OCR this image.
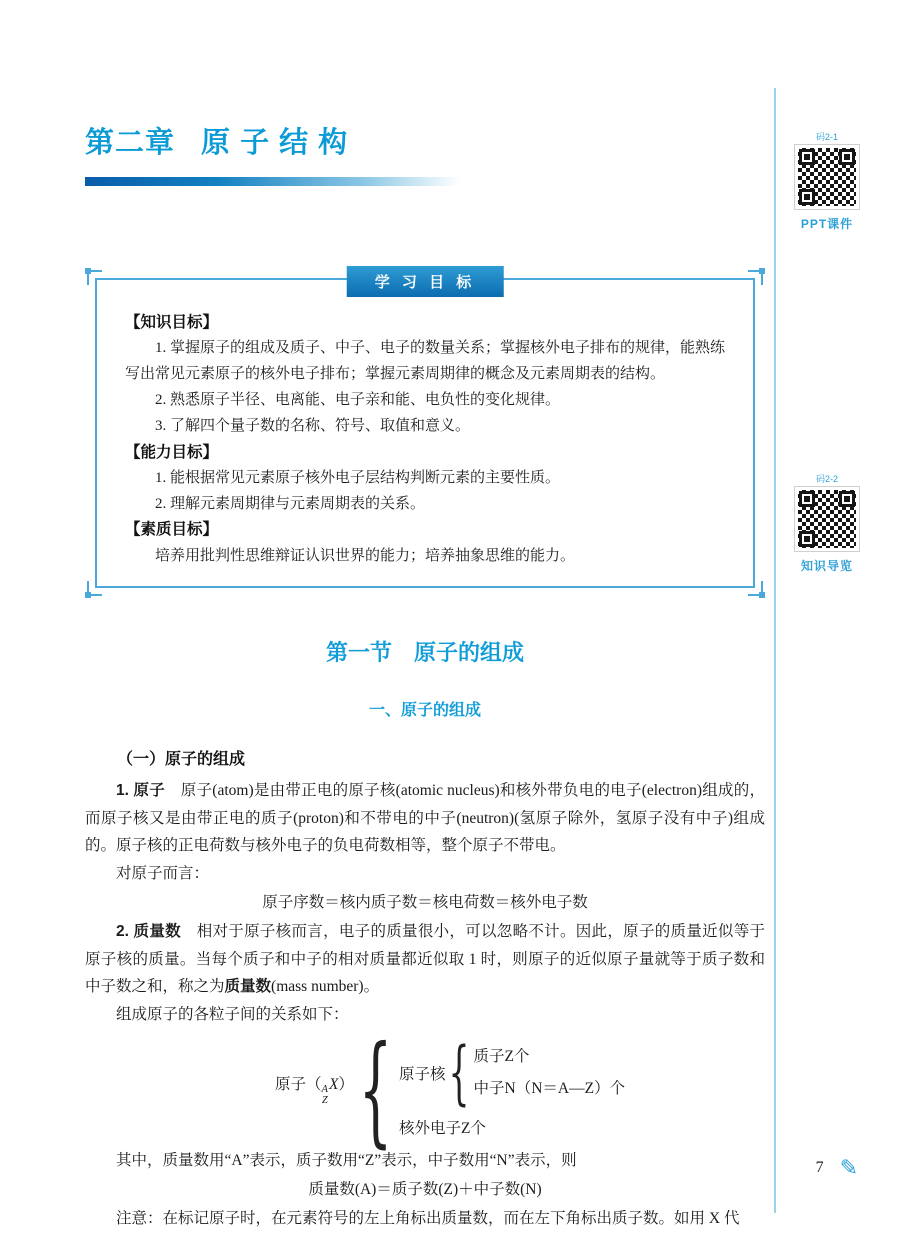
第二章 原 子 结 构
学 习 目 标
【知识目标】
1. 掌握原子的组成及质子、中子、电子的数量关系；掌握核外电子排布的规律，能熟练写出常见元素原子的核外电子排布；掌握元素周期律的概念及元素周期表的结构。
2. 熟悉原子半径、电离能、电子亲和能、电负性的变化规律。
3. 了解四个量子数的名称、符号、取值和意义。
【能力目标】
1. 能根据常见元素原子核外电子层结构判断元素的主要性质。
2. 理解元素周期律与元素周期表的关系。
【素质目标】
培养用批判性思维辩证认识世界的能力；培养抽象思维的能力。
第一节　原子的组成
一、原子的组成
（一）原子的组成

1. 原子　原子(atom)是由带正电的原子核(atomic nucleus)和核外带负电的电子(electron)组成的，而原子核又是由带正电的质子(proton)和不带电的中子(neutron)(氢原子除外，氢原子没有中子)组成的。原子核的正电荷数与核外电子的负电荷数相等，整个原子不带电。

对原子而言：

原子序数＝核内质子数＝核电荷数＝核外电子数

2. 质量数　相对于原子核而言，电子的质量很小，可以忽略不计。因此，原子的质量近似等于原子核的质量。当每个质子和中子的相对质量都近似取 1 时，则原子的近似原子量就等于质子数和中子数之和，称之为质量数(mass number)。

组成原子的各粒子间的关系如下：

原子（ A
Z
X） { 原子核 { 质子Z个
中子N（N＝A—Z）个
核外电子Z个

其中，质量数用“A”表示，质子数用“Z”表示，中子数用“N”表示，则

质量数(A)＝质子数(Z)＋中子数(N)

注意：在标记原子时，在元素符号的左上角标出质量数，而在左下角标出质子数。如用 X 代

码2-1
PPT课件
码2-2
知识导览
7 ✎
